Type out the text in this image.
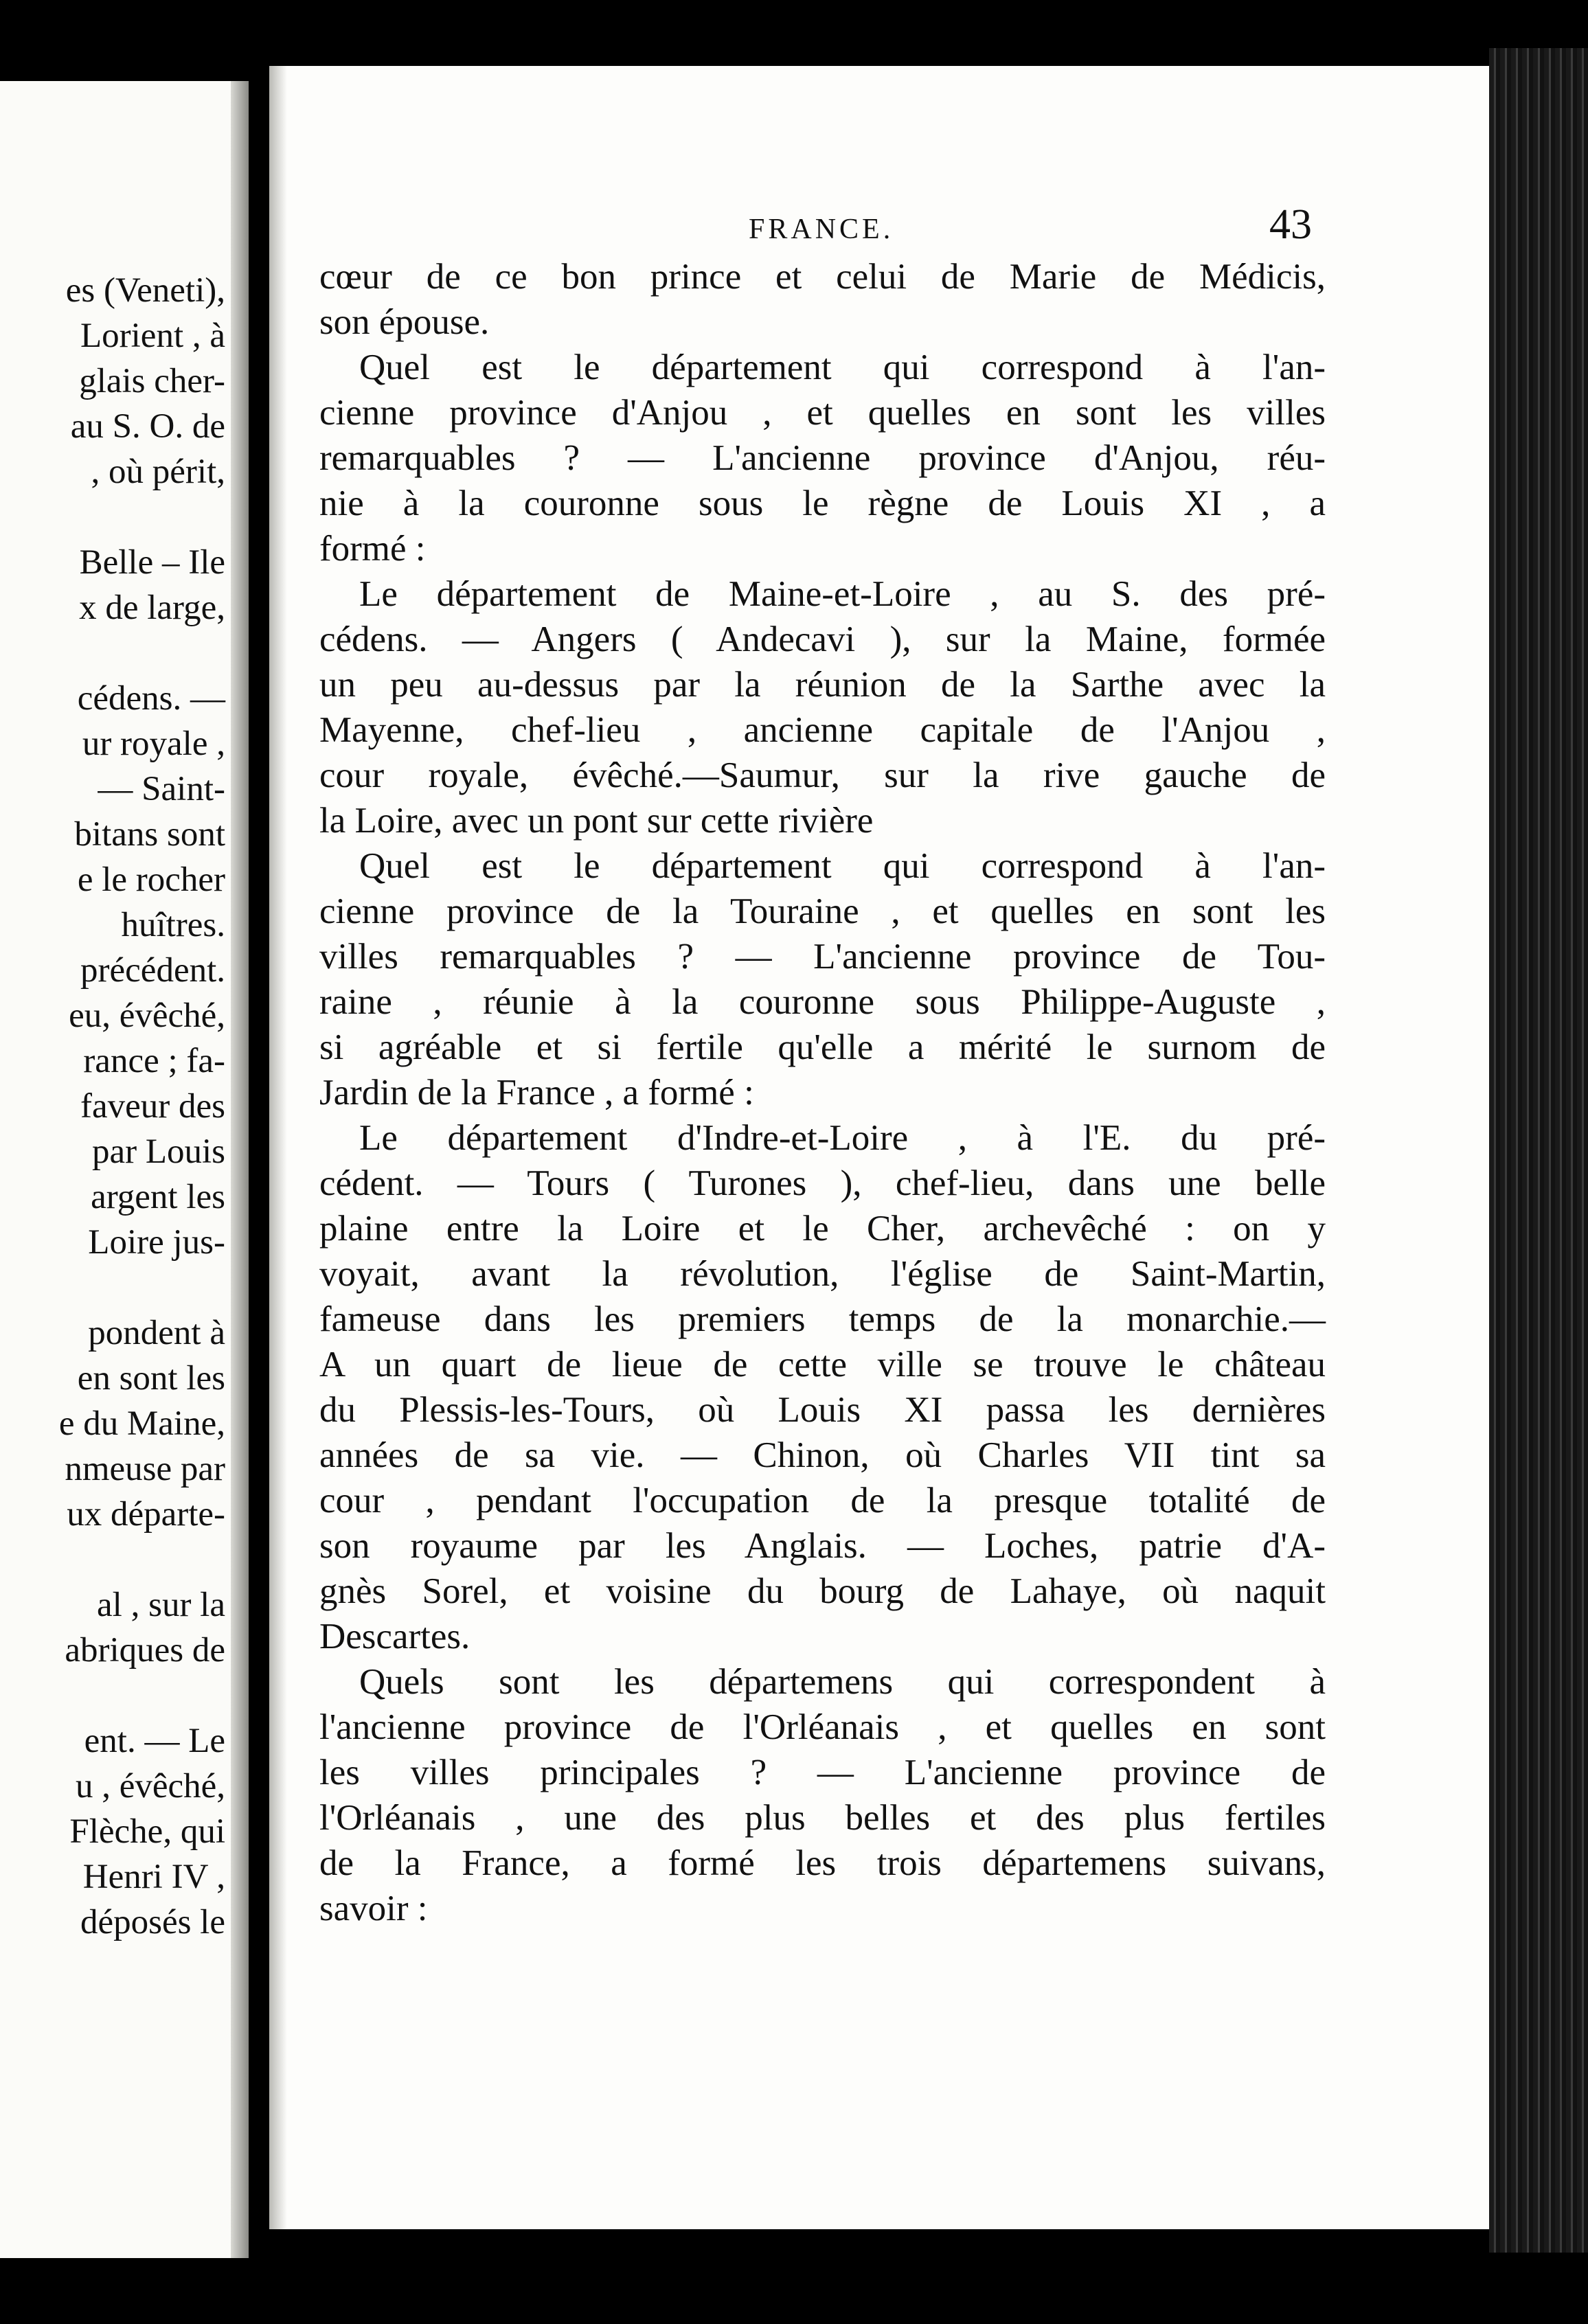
es (Veneti),
Lorient , à
glais cher-
au S. O. de
, où périt,
Belle – Ile
x de large,
cédens. —
ur royale ,
— Saint-
bitans sont
e le rocher
huîtres.
précédent.
eu, évêché,
rance ; fa-
faveur des
par Louis
argent les
Loire jus-
pondent à
en sont les
e du Maine,
nmeuse par
ux départe-
al , sur la
abriques de
ent. — Le
u , évêché,
Flèche, qui
Henri IV ,
déposés le
FRANCE.	43
cœur de ce bon prince et celui de Marie de Médicis,
son épouse.
Quel est le département qui correspond à l'an-
cienne province d'Anjou , et quelles en sont les villes
remarquables ? — L'ancienne province d'Anjou, réu-
nie à la couronne sous le règne de Louis XI , a
formé :
Le département de Maine-et-Loire , au S. des pré-
cédens. — Angers ( Andecavi ), sur la Maine, formée
un peu au-dessus par la réunion de la Sarthe avec la
Mayenne, chef-lieu , ancienne capitale de l'Anjou ,
cour royale, évêché.—Saumur, sur la rive gauche de
la Loire, avec un pont sur cette rivière
Quel est le département qui correspond à l'an-
cienne province de la Touraine , et quelles en sont les
villes remarquables ? — L'ancienne province de Tou-
raine , réunie à la couronne sous Philippe-Auguste ,
si agréable et si fertile qu'elle a mérité le surnom de
Jardin de la France , a formé :
Le département d'Indre-et-Loire , à l'E. du pré-
cédent. — Tours ( Turones ), chef-lieu, dans une belle
plaine entre la Loire et le Cher, archevêché : on y
voyait, avant la révolution, l'église de Saint-Martin,
fameuse dans les premiers temps de la monarchie.—
A un quart de lieue de cette ville se trouve le château
du Plessis-les-Tours, où Louis XI passa les dernières
années de sa vie. — Chinon, où Charles VII tint sa
cour , pendant l'occupation de la presque totalité de
son royaume par les Anglais. — Loches, patrie d'A-
gnès Sorel, et voisine du bourg de Lahaye, où naquit
Descartes.
Quels sont les départemens qui correspondent à
l'ancienne province de l'Orléanais , et quelles en sont
les villes principales ? — L'ancienne province de
l'Orléanais , une des plus belles et des plus fertiles
de la France, a formé les trois départemens suivans,
savoir :
